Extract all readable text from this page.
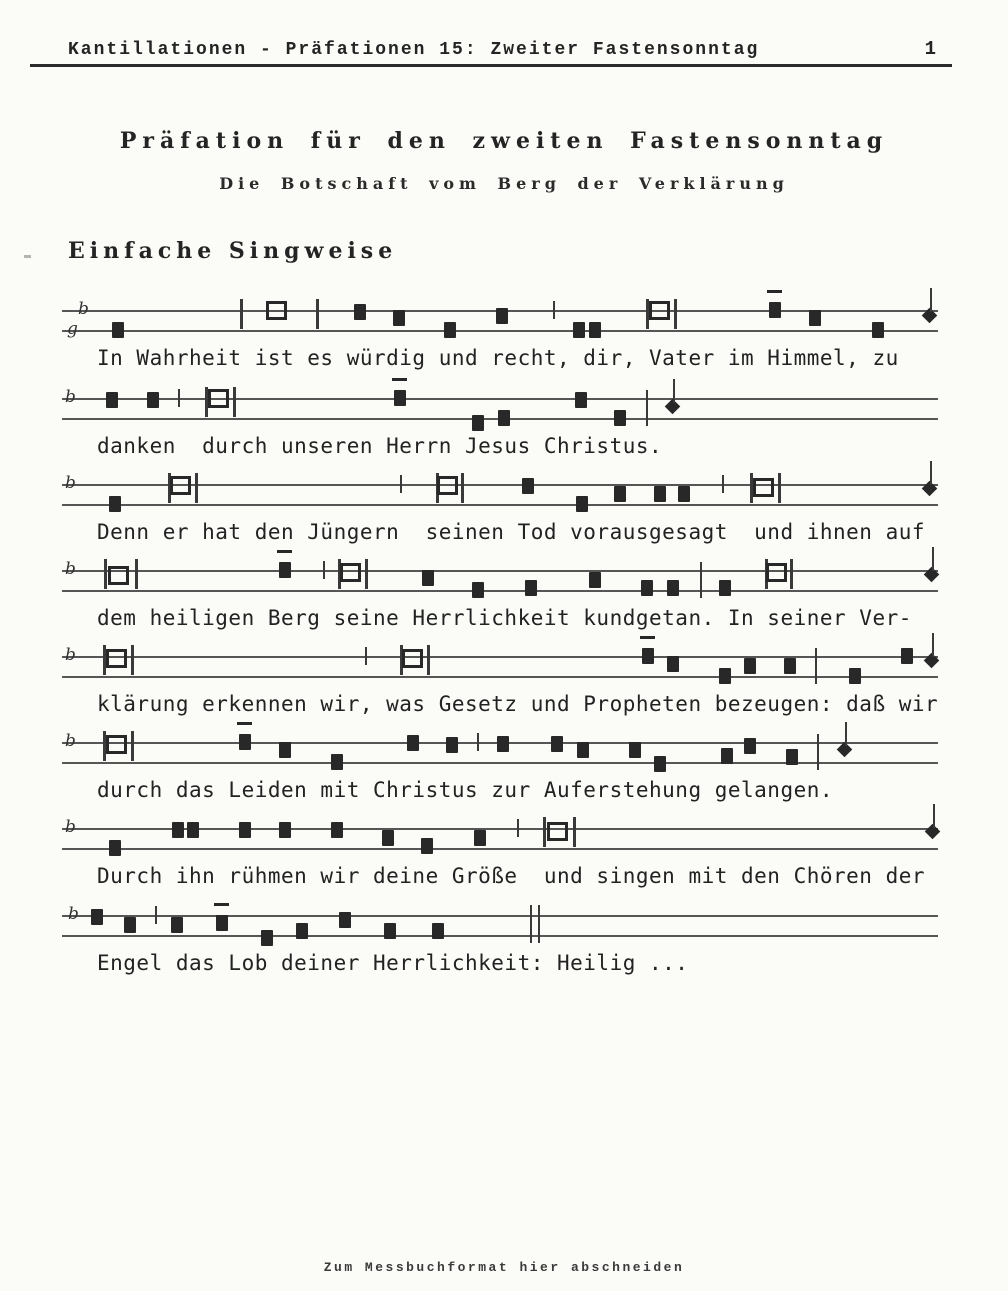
Kantillationen - Präfationen 15: Zweiter Fastensonntag	1
Präfation für den zweiten Fastensonntag
Die Botschaft vom Berg der Verklärung
Einfache Singweise
b
g
In Wahrheit ist es würdig und recht, dir, Vater im Himmel, zu
b
danken  durch unseren Herrn Jesus Christus.
b
Denn er hat den Jüngern  seinen Tod vorausgesagt  und ihnen auf
b
dem heiligen Berg seine Herrlichkeit kundgetan. In seiner Ver-
b
klärung erkennen wir, was Gesetz und Propheten bezeugen: daß wir
b
durch das Leiden mit Christus zur Auferstehung gelangen.
b
Durch ihn rühmen wir deine Größe  und singen mit den Chören der
b
Engel das Lob deiner Herrlichkeit: Heilig ...
Zum Messbuchformat hier abschneiden
